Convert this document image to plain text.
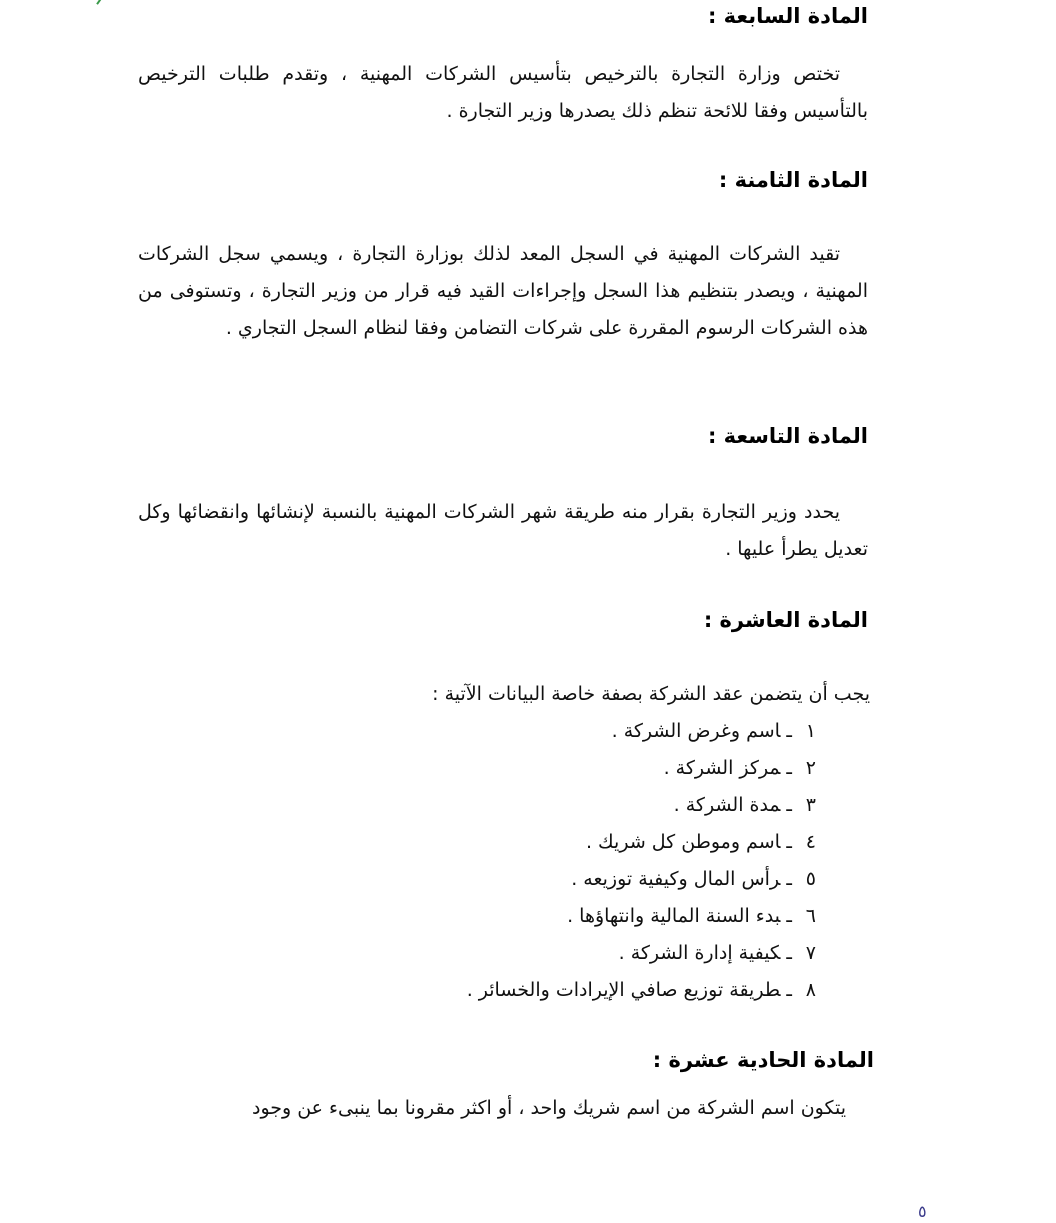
المادة السابعة :
تختص وزارة التجارة بالترخيص بتأسيس الشركات المهنية ، وتقدم طلبات الترخيص بالتأسيس وفقا للائحة تنظم ذلك يصدرها وزير التجارة .
المادة الثامنة :
تقيد الشركات المهنية في السجل المعد لذلك بوزارة التجارة ، ويسمي سجل الشركات المهنية ، ويصدر بتنظيم هذا السجل وإجراءات القيد فيه قرار من وزير التجارة ، وتستوفى من هذه الشركات الرسوم المقررة على شركات التضامن وفقا لنظام السجل التجاري .
المادة التاسعة :
يحدد وزير التجارة بقرار منه طريقة شهر الشركات المهنية بالنسبة لإنشائها وانقضائها وكل تعديل يطرأ عليها .
المادة العاشرة :
يجب أن يتضمن عقد الشركة بصفة خاصة البيانات الآتية :
١ـاسم وغرض الشركة .
٢ـمركز الشركة .
٣ـمدة الشركة .
٤ـاسم وموطن كل شريك .
٥ـرأس المال وكيفية توزيعه .
٦ـبدء السنة المالية وانتهاؤها .
٧ـكيفية إدارة الشركة .
٨ـطريقة توزيع صافي الإيرادات والخسائر .
المادة الحادية عشرة :
يتكون اسم الشركة من اسم شريك واحد ، أو اكثر مقرونا بما ينبىء عن وجود
٥
